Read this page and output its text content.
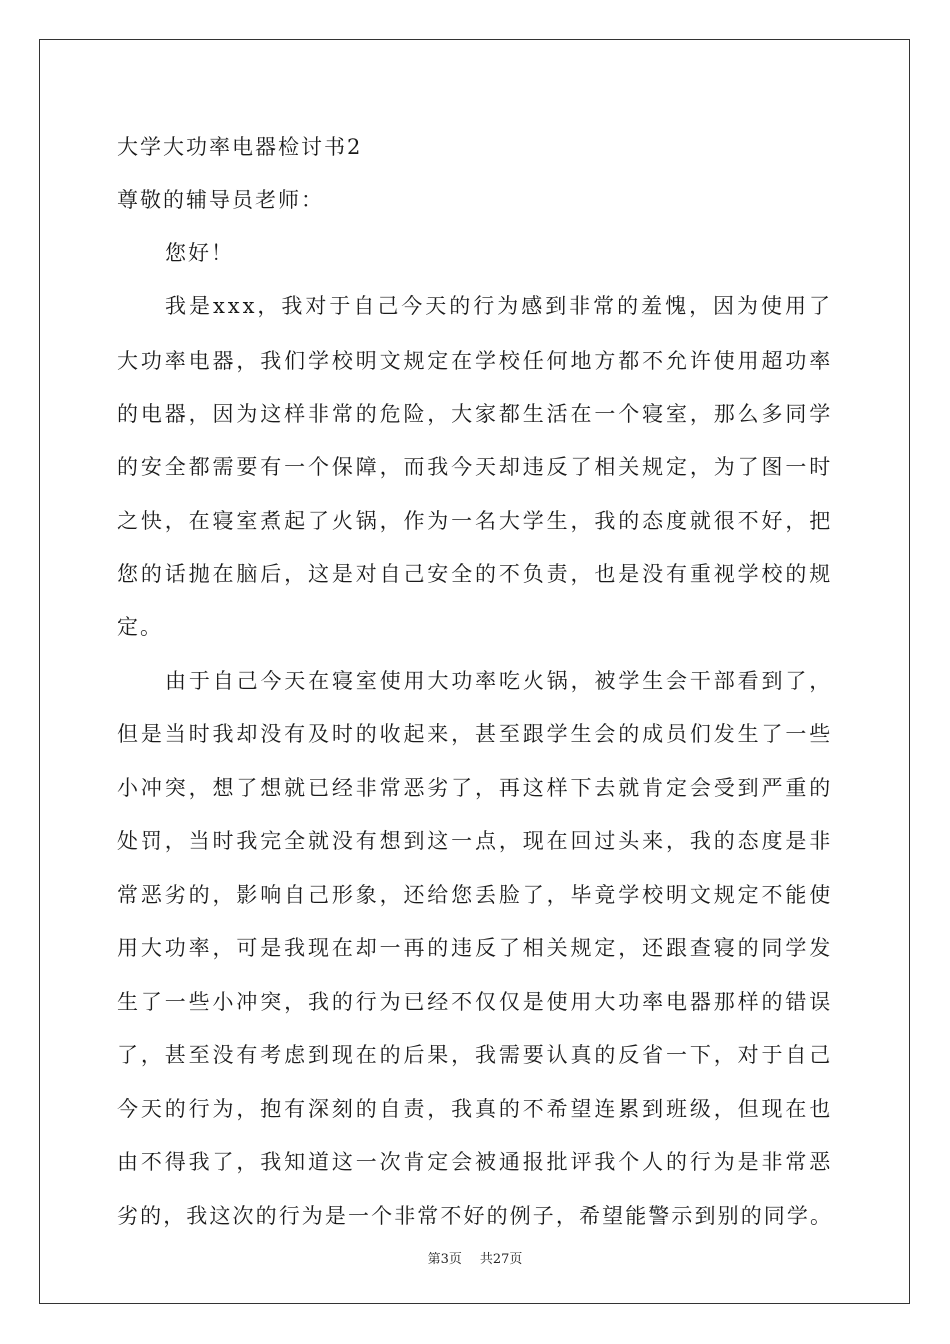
大学大功率电器检讨书2
尊敬的辅导员老师：
您好！
我是xxx，我对于自己今天的行为感到非常的羞愧，因为使用了
大功率电器，我们学校明文规定在学校任何地方都不允许使用超功率
的电器，因为这样非常的危险，大家都生活在一个寝室，那么多同学
的安全都需要有一个保障，而我今天却违反了相关规定，为了图一时
之快，在寝室煮起了火锅，作为一名大学生，我的态度就很不好，把
您的话抛在脑后，这是对自己安全的不负责，也是没有重视学校的规
定。
由于自己今天在寝室使用大功率吃火锅，被学生会干部看到了，
但是当时我却没有及时的收起来，甚至跟学生会的成员们发生了一些
小冲突，想了想就已经非常恶劣了，再这样下去就肯定会受到严重的
处罚，当时我完全就没有想到这一点，现在回过头来，我的态度是非
常恶劣的，影响自己形象，还给您丢脸了，毕竟学校明文规定不能使
用大功率，可是我现在却一再的违反了相关规定，还跟查寝的同学发
生了一些小冲突，我的行为已经不仅仅是使用大功率电器那样的错误
了，甚至没有考虑到现在的后果，我需要认真的反省一下，对于自己
今天的行为，抱有深刻的自责，我真的不希望连累到班级，但现在也
由不得我了，我知道这一次肯定会被通报批评我个人的行为是非常恶
劣的，我这次的行为是一个非常不好的例子，希望能警示到别的同学。
第3页 共27页
